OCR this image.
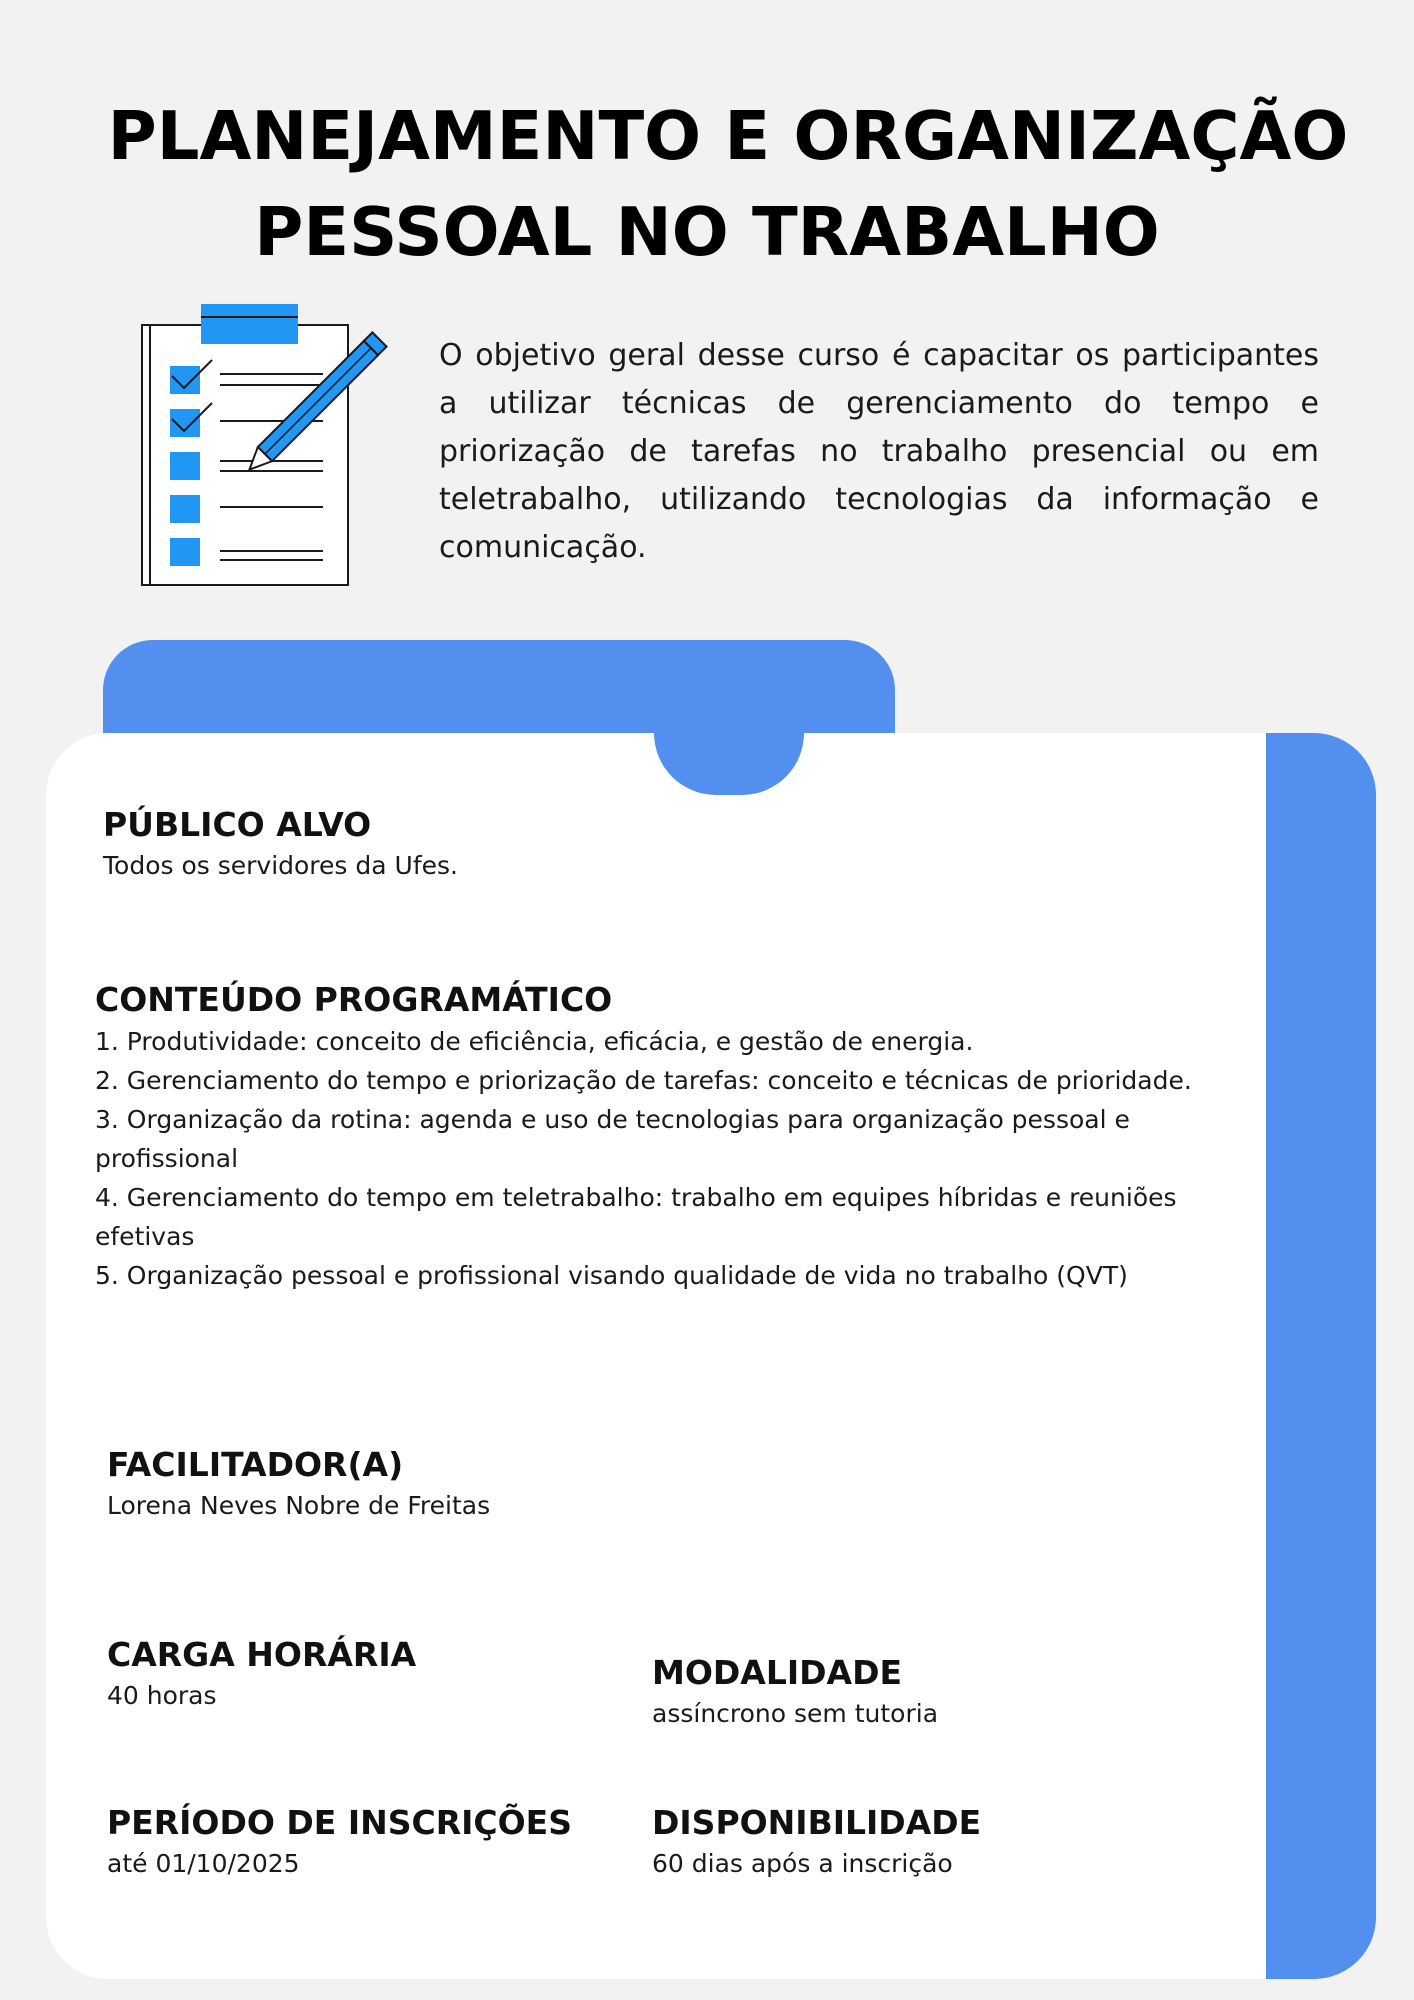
PLANEJAMENTO E ORGANIZAÇÃO
PESSOAL NO TRABALHO

O objetivo geral desse curso é capacitar os participantes a utilizar técnicas de gerenciamento do tempo e priorização de tarefas no trabalho presencial ou em teletrabalho, utilizando tecnologias da informação e comunicação.

PÚBLICO ALVO

Todos os servidores da Ufes.

CONTEÚDO PROGRAMÁTICO

1. Produtividade: conceito de eficiência, eficácia, e gestão de energia.
2. Gerenciamento do tempo e priorização de tarefas: conceito e técnicas de prioridade.
3. Organização da rotina: agenda e uso de tecnologias para organização pessoal e profissional
4. Gerenciamento do tempo em teletrabalho: trabalho em equipes híbridas e reuniões efetivas
5. Organização pessoal e profissional visando qualidade de vida no trabalho (QVT)

FACILITADOR(A)

Lorena Neves Nobre de Freitas

CARGA HORÁRIA

40 horas

MODALIDADE

assíncrono sem tutoria

PERÍODO DE INSCRIÇÕES

até 01/10/2025

DISPONIBILIDADE

60 dias após a inscrição
